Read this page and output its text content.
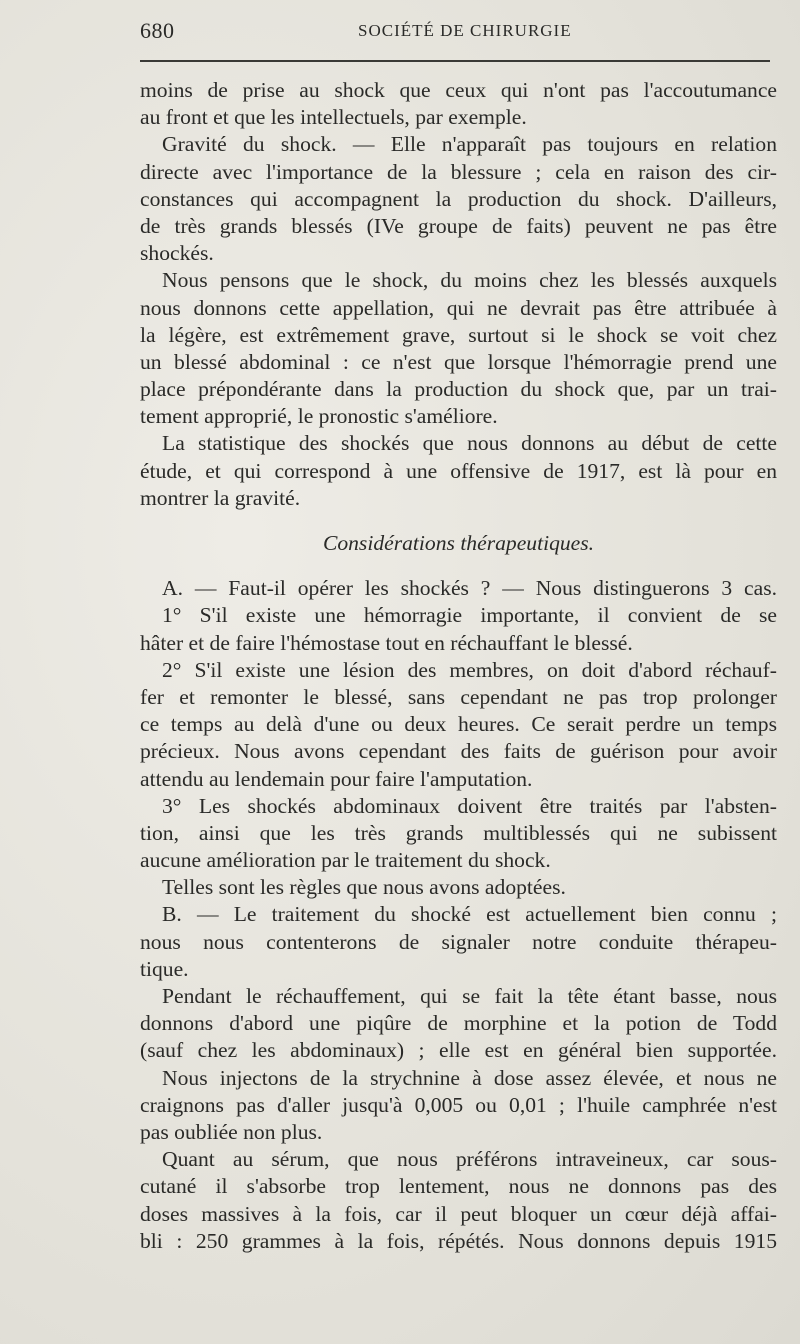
680	SOCIÉTÉ DE CHIRURGIE
moins de prise au shock que ceux qui n'ont pas l'accoutumance
au front et que les intellectuels, par exemple.
Gravité du shock. — Elle n'apparaît pas toujours en relation
directe avec l'importance de la blessure ; cela en raison des cir-
constances qui accompagnent la production du shock. D'ailleurs,
de très grands blessés (IVe groupe de faits) peuvent ne pas être
shockés.
Nous pensons que le shock, du moins chez les blessés auxquels
nous donnons cette appellation, qui ne devrait pas être attribuée à
la légère, est extrêmement grave, surtout si le shock se voit chez
un blessé abdominal : ce n'est que lorsque l'hémorragie prend une
place prépondérante dans la production du shock que, par un trai-
tement approprié, le pronostic s'améliore.
La statistique des shockés que nous donnons au début de cette
étude, et qui correspond à une offensive de 1917, est là pour en
montrer la gravité.
Considérations thérapeutiques.
A. — Faut-il opérer les shockés ? — Nous distinguerons 3 cas.
1° S'il existe une hémorragie importante, il convient de se
hâter et de faire l'hémostase tout en réchauffant le blessé.
2° S'il existe une lésion des membres, on doit d'abord réchauf-
fer et remonter le blessé, sans cependant ne pas trop prolonger
ce temps au delà d'une ou deux heures. Ce serait perdre un temps
précieux. Nous avons cependant des faits de guérison pour avoir
attendu au lendemain pour faire l'amputation.
3° Les shockés abdominaux doivent être traités par l'absten-
tion, ainsi que les très grands multiblessés qui ne subissent
aucune amélioration par le traitement du shock.
Telles sont les règles que nous avons adoptées.
B. — Le traitement du shocké est actuellement bien connu ;
nous nous contenterons de signaler notre conduite thérapeu-
tique.
Pendant le réchauffement, qui se fait la tête étant basse, nous
donnons d'abord une piqûre de morphine et la potion de Todd
(sauf chez les abdominaux) ; elle est en général bien supportée.
Nous injectons de la strychnine à dose assez élevée, et nous ne
craignons pas d'aller jusqu'à 0,005 ou 0,01 ; l'huile camphrée n'est
pas oubliée non plus.
Quant au sérum, que nous préférons intraveineux, car sous-
cutané il s'absorbe trop lentement, nous ne donnons pas des
doses massives à la fois, car il peut bloquer un cœur déjà affai-
bli : 250 grammes à la fois, répétés. Nous donnons depuis 1915
